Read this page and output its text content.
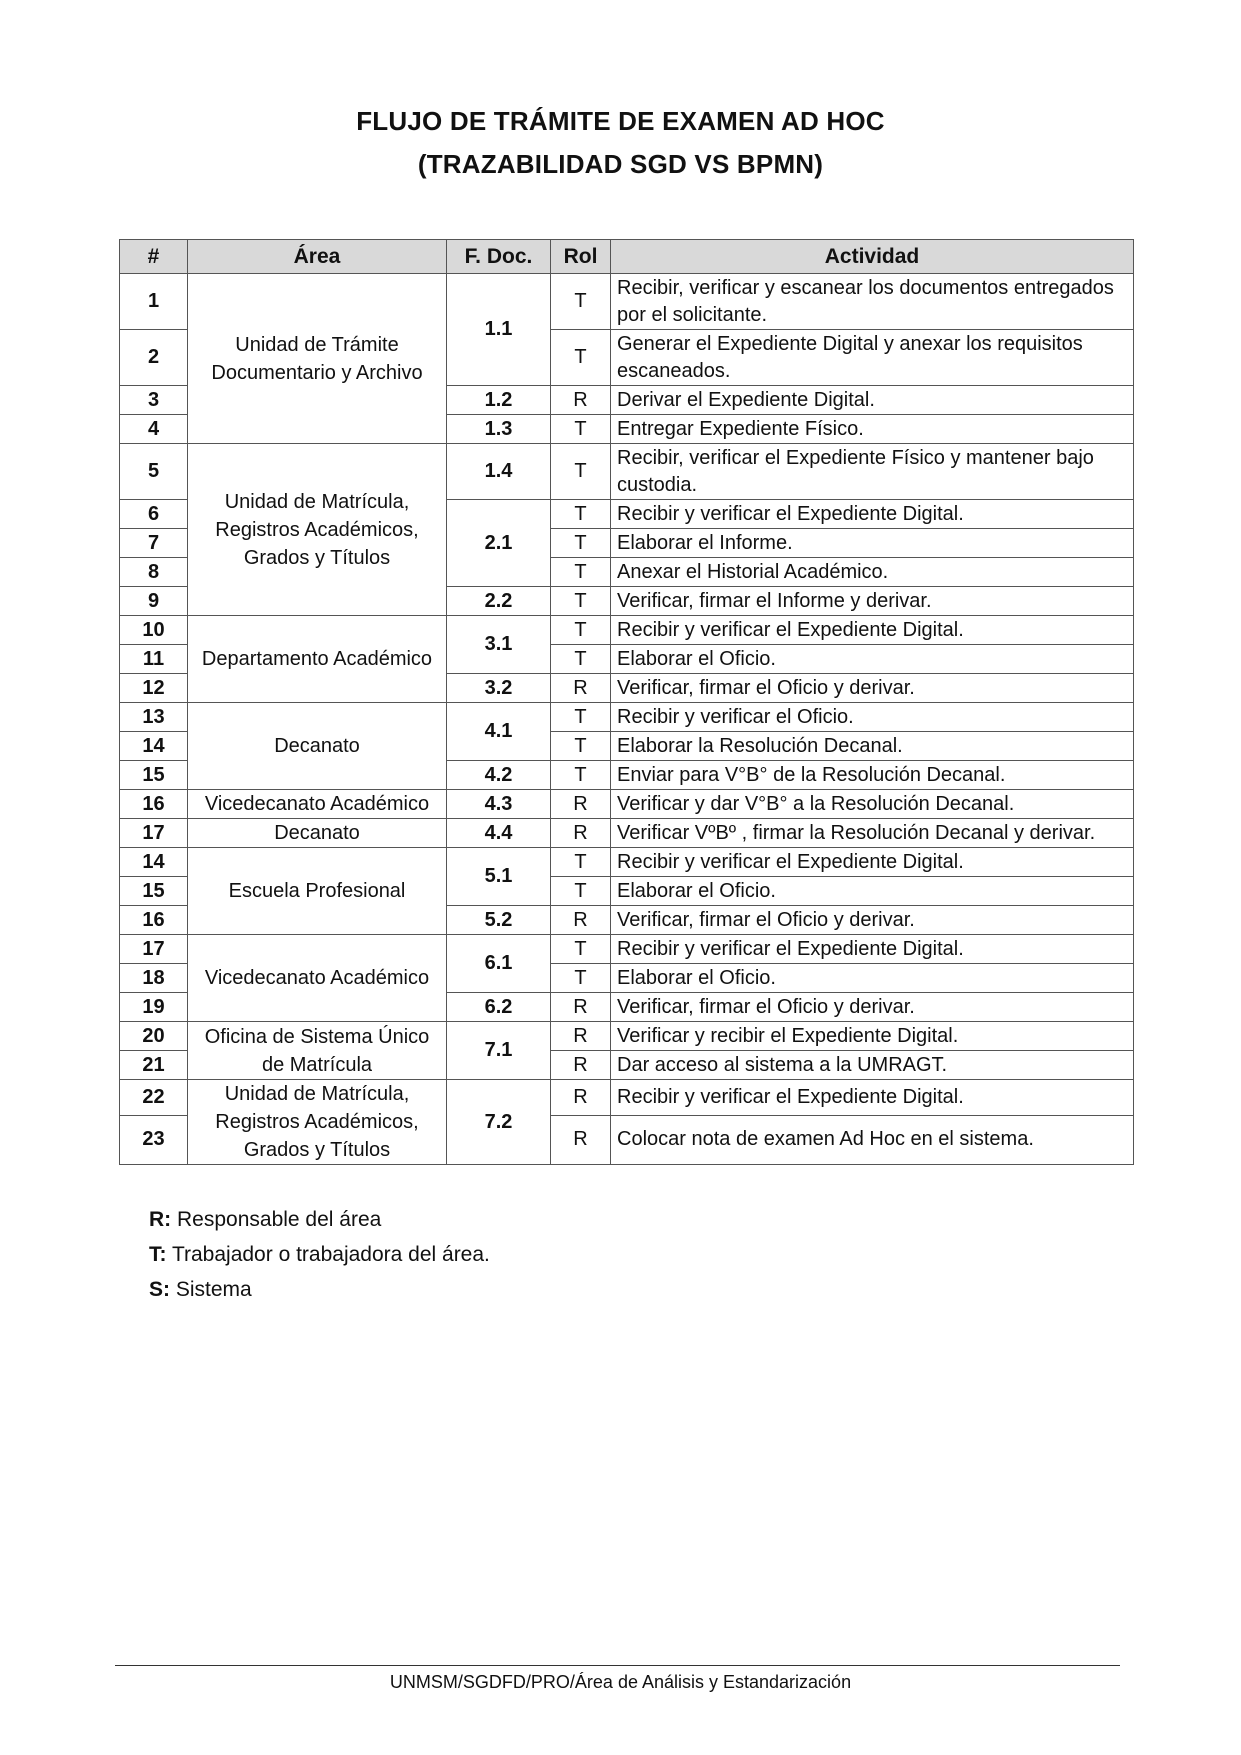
FLUJO DE TRÁMITE DE EXAMEN AD HOC
(TRAZABILIDAD SGD VS BPMN)
#	Área	F. Doc.	Rol	Actividad
1	Unidad de Trámite Documentario y Archivo	1.1	T	Recibir, verificar y escanear los documentos entregados por el solicitante.
2			T	Generar el Expediente Digital y anexar los requisitos escaneados.
3		1.2	R	Derivar el Expediente Digital.
4		1.3	T	Entregar Expediente Físico.
5	Unidad de Matrícula, Registros Académicos, Grados y Títulos	1.4	T	Recibir, verificar el Expediente Físico y mantener bajo custodia.
6		2.1	T	Recibir y verificar el Expediente Digital.
7			T	Elaborar el Informe.
8			T	Anexar el Historial Académico.
9		2.2	T	Verificar, firmar el Informe y derivar.
10	Departamento Académico	3.1	T	Recibir y verificar el Expediente Digital.
11			T	Elaborar el Oficio.
12		3.2	R	Verificar, firmar el Oficio y derivar.
13	Decanato	4.1	T	Recibir y verificar el Oficio.
14			T	Elaborar la Resolución Decanal.
15		4.2	T	Enviar para V°B° de la Resolución Decanal.
16	Vicedecanato Académico	4.3	R	Verificar y dar V°B° a la Resolución Decanal.
17	Decanato	4.4	R	Verificar VºBº , firmar la Resolución Decanal y derivar.
14	Escuela Profesional	5.1	T	Recibir y verificar el Expediente Digital.
15			T	Elaborar el Oficio.
16		5.2	R	Verificar, firmar el Oficio y derivar.
17	Vicedecanato Académico	6.1	T	Recibir y verificar el Expediente Digital.
18			T	Elaborar el Oficio.
19		6.2	R	Verificar, firmar el Oficio y derivar.
20	Oficina de Sistema Único de Matrícula	7.1	R	Verificar y recibir el Expediente Digital.
21			R	Dar acceso al sistema a la UMRAGT.
22	Unidad de Matrícula, Registros Académicos, Grados y Títulos	7.2	R	Recibir y verificar el Expediente Digital.
23			R	Colocar nota de examen Ad Hoc en el sistema.
R: Responsable del área
T: Trabajador o trabajadora del área.
S: Sistema
UNMSM/SGDFD/PRO/Área de Análisis y Estandarización
